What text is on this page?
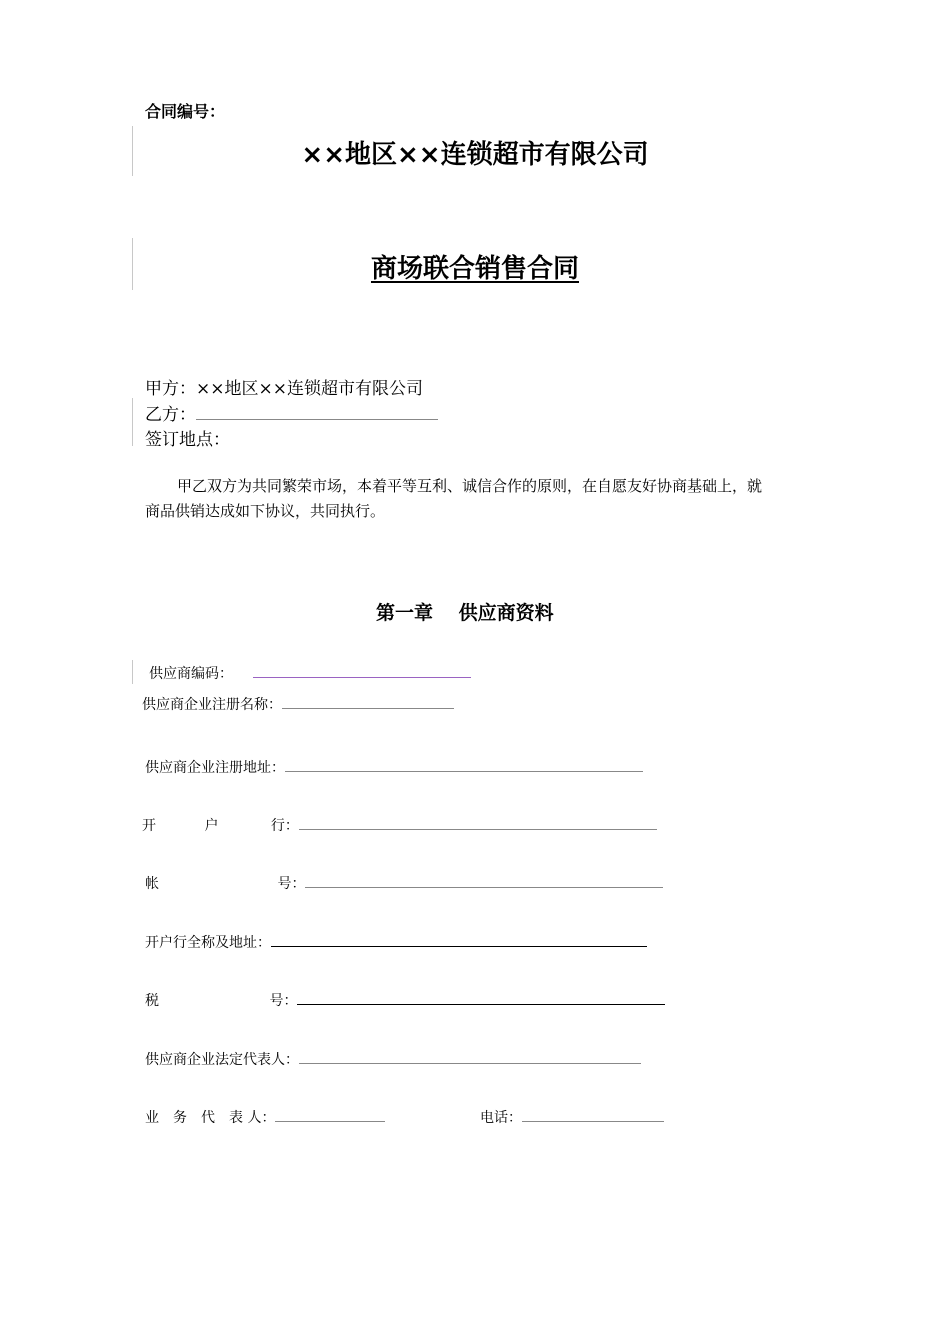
合同编号：
××地区××连锁超市有限公司
商场联合销售合同
甲方：××地区××连锁超市有限公司
乙方：
签订地点：
甲乙双方为共同繁荣市场，本着平等互利、诚信合作的原则，在自愿友好协商基础上，就
商品供销达成如下协议，共同执行。
第一章　 供应商资料
供应商编码：
供应商企业注册名称：
供应商企业注册地址：
开	户	行：
帐	号：
开户行全称及地址：
税	号：
供应商企业法定代表人：
业　务　代　表 人：	电话：
